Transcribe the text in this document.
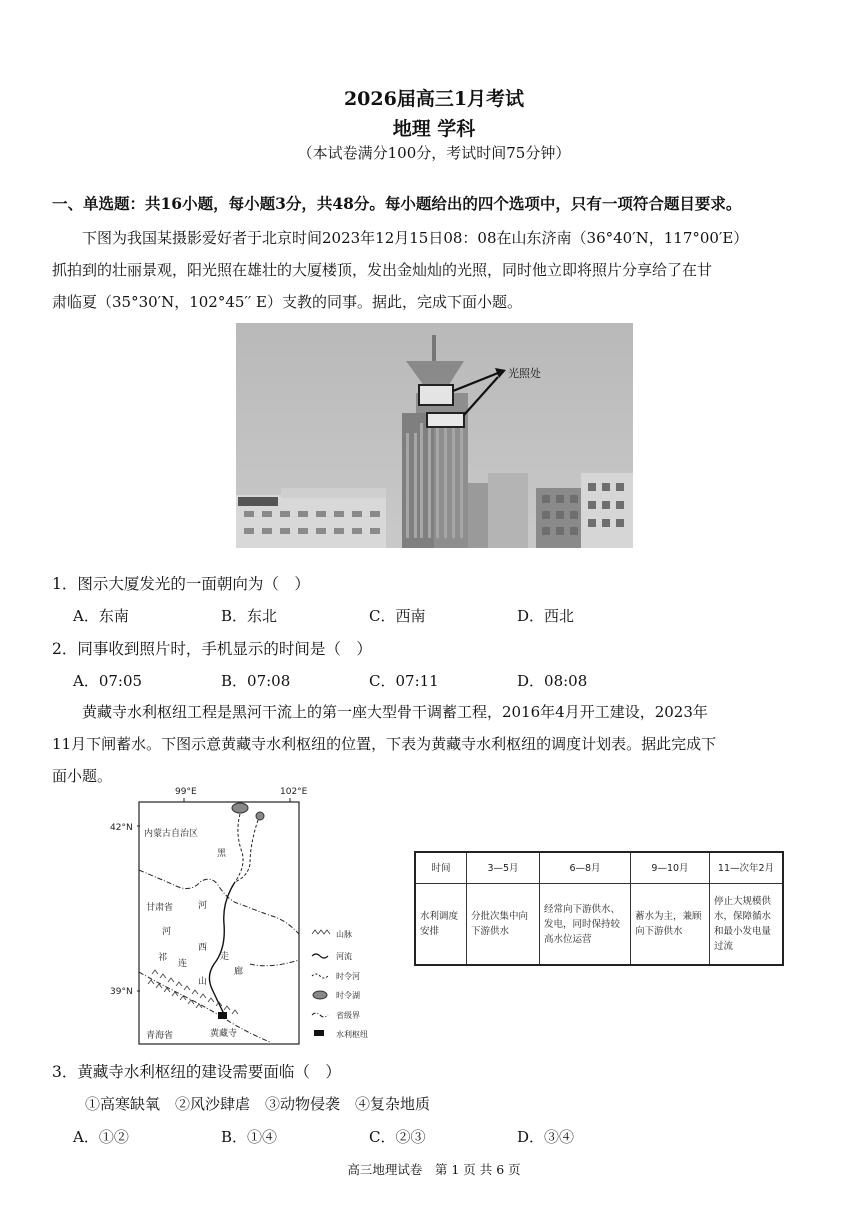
2026届高三1月考试
地理 学科
（本试卷满分100分，考试时间75分钟）
一、单选题：共16小题，每小题3分，共48分。每小题给出的四个选项中，只有一项符合题目要求。
下图为我国某摄影爱好者于北京时间2023年12月15日08：08在山东济南（36°40′N，117°00′E）
抓拍到的壮丽景观，阳光照在雄壮的大厦楼顶，发出金灿灿的光照，同时他立即将照片分享给了在甘
肃临夏（35°30′N，102°45′′ E）支教的同事。据此，完成下面小题。
光照处
1．图示大厦发光的一面朝向为（　）
A．东南	B．东北	C．西南	D．西北
2．同事收到照片时，手机显示的时间是（　）
A．07:05	B．07:08	C．07:11	D．08:08
黄藏寺水利枢纽工程是黑河干流上的第一座大型骨干调蓄工程，2016年4月开工建设，2023年
11月下闸蓄水。下图示意黄藏寺水利枢纽的位置，下表为黄藏寺水利枢纽的调度计划表。据此完成下
面小题。
99°E	102°E
42°N
39°N
内蒙古自治区
甘肃省
青海省	黄藏寺
黑
河
河
西
走
廊
祁
连
山
山脉
河流
时令河
时令湖
省级界
水利枢纽
时间	3—5月	6—8月	9—10月	11—次年2月
水利调度安排	分批次集中向下游供水	经常向下游供水、发电，同时保持较高水位运营	蓄水为主，兼顾向下游供水	停止大规模供水，保障循水和最小发电量过流
3．黄藏寺水利枢纽的建设需要面临（　）
①高寒缺氧　②风沙肆虐　③动物侵袭　④复杂地质
A．①②	B．①④	C．②③	D．③④
高三地理试卷　第 1 页 共 6 页
